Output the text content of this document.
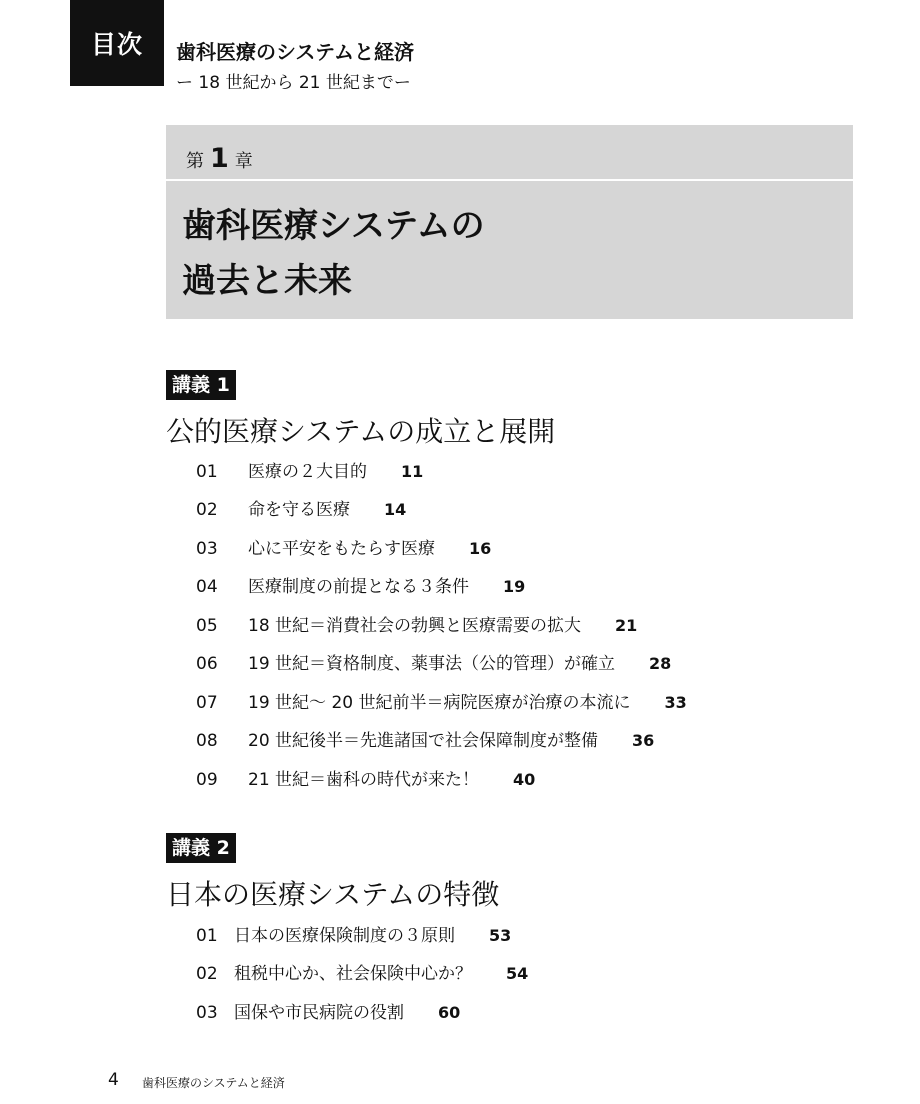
目次 歯科医療のシステムと経済
ー 18 世紀から 21 世紀までー
第 1 章
歯科医療システムの
過去と未来
講義 1
公的医療システムの成立と展開
01	医療の２大目的 11
02	命を守る医療 14
03	心に平安をもたらす医療 16
04	医療制度の前提となる３条件 19
05	18 世紀＝消費社会の勃興と医療需要の拡大 21
06	19 世紀＝資格制度、薬事法（公的管理）が確立 28
07	19 世紀～ 20 世紀前半＝病院医療が治療の本流に 33
08	20 世紀後半＝先進諸国で社会保障制度が整備 36
09	21 世紀＝歯科の時代が来た！ 40
講義 2
日本の医療システムの特徴
01 日本の医療保険制度の３原則 53
02 租税中心か、社会保険中心か？ 54
03 国保や市民病院の役割 60
4 歯科医療のシステムと経済
